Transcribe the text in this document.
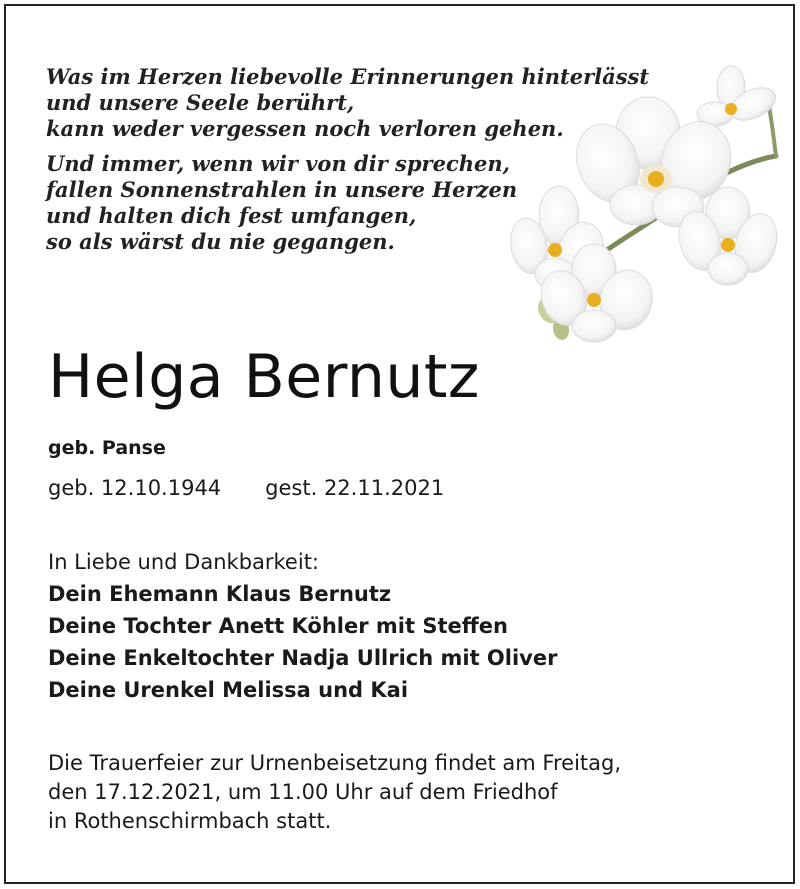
Was im Herzen liebevolle Erinnerungen hinterlässt
und unsere Seele berührt,
kann weder vergessen noch verloren gehen.
Und immer, wenn wir von dir sprechen,
fallen Sonnenstrahlen in unsere Herzen
und halten dich fest umfangen,
so als wärst du nie gegangen.
Helga Bernutz
geb. Panse
geb. 12.10.1944 gest. 22.11.2021
In Liebe und Dankbarkeit:
Dein Ehemann Klaus Bernutz
Deine Tochter Anett Köhler mit Steffen
Deine Enkeltochter Nadja Ullrich mit Oliver
Deine Urenkel Melissa und Kai
Die Trauerfeier zur Urnenbeisetzung findet am Freitag,
den 17.12.2021, um 11.00 Uhr auf dem Friedhof
in Rothenschirmbach statt.
